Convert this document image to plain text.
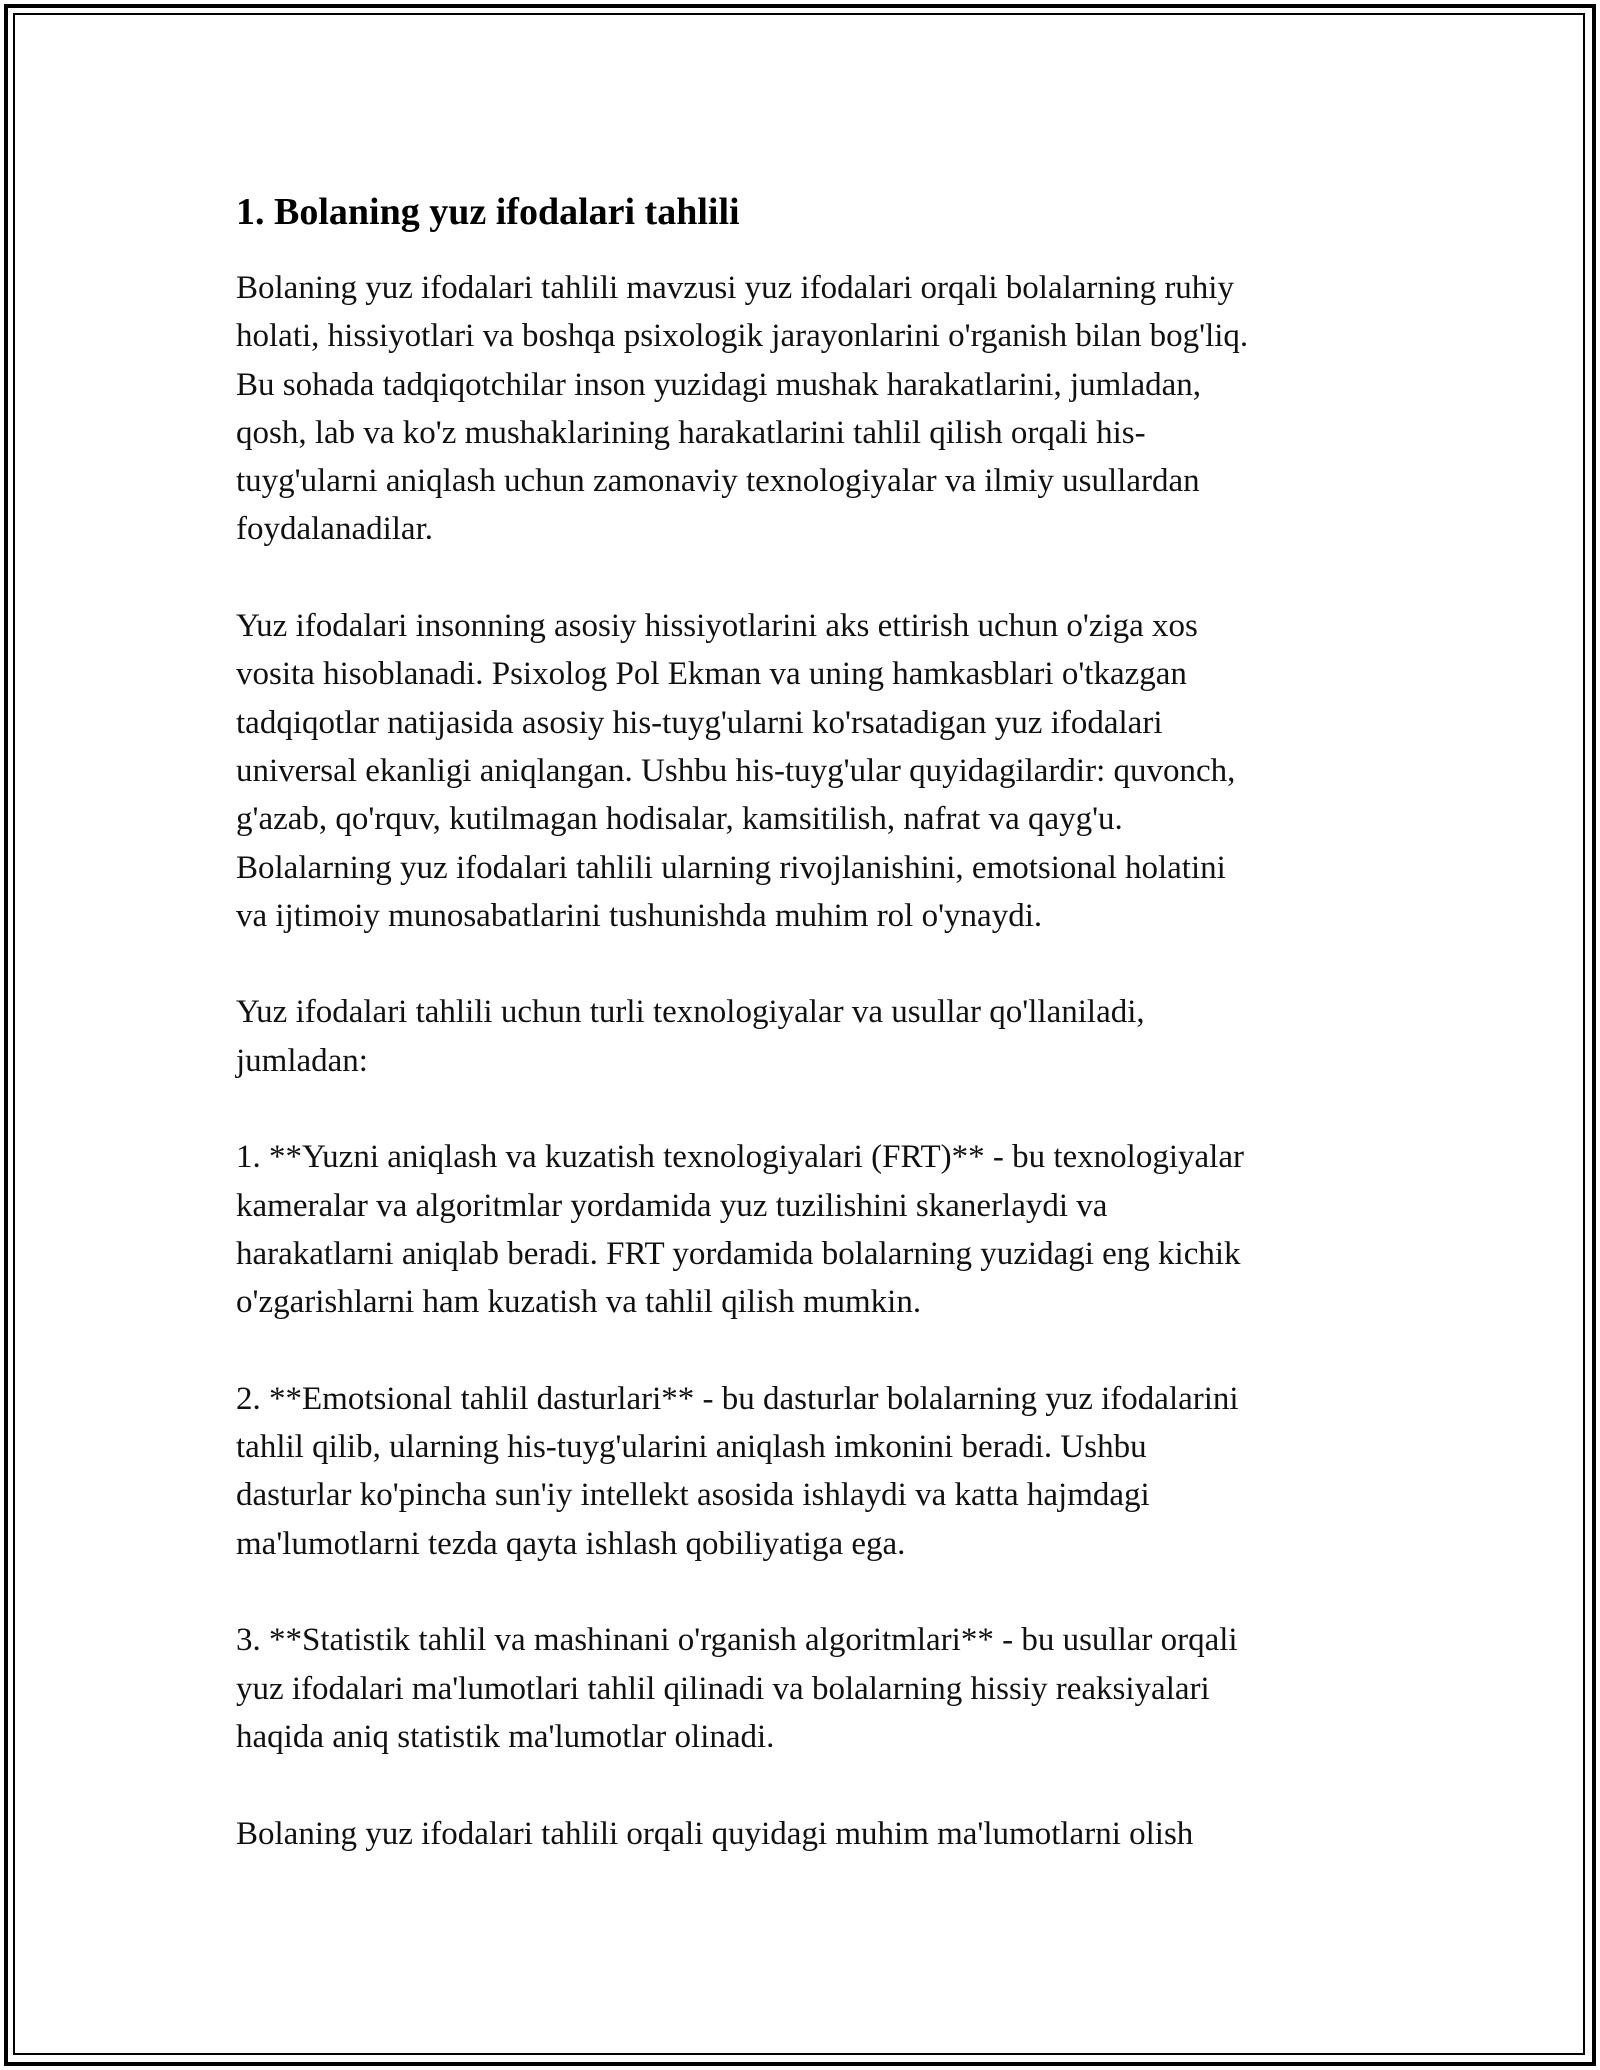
1. Bolaning yuz ifodalari tahlili

Bolaning yuz ifodalari tahlili mavzusi yuz ifodalari orqali bolalarning ruhiy
holati, hissiyotlari va boshqa psixologik jarayonlarini o'rganish bilan bog'liq.
Bu sohada tadqiqotchilar inson yuzidagi mushak harakatlarini, jumladan,
qosh, lab va ko'z mushaklarining harakatlarini tahlil qilish orqali his-
tuyg'ularni aniqlash uchun zamonaviy texnologiyalar va ilmiy usullardan
foydalanadilar.

Yuz ifodalari insonning asosiy hissiyotlarini aks ettirish uchun o'ziga xos
vosita hisoblanadi. Psixolog Pol Ekman va uning hamkasblari o'tkazgan
tadqiqotlar natijasida asosiy his-tuyg'ularni ko'rsatadigan yuz ifodalari
universal ekanligi aniqlangan. Ushbu his-tuyg'ular quyidagilardir: quvonch,
g'azab, qo'rquv, kutilmagan hodisalar, kamsitilish, nafrat va qayg'u.
Bolalarning yuz ifodalari tahlili ularning rivojlanishini, emotsional holatini
va ijtimoiy munosabatlarini tushunishda muhim rol o'ynaydi.

Yuz ifodalari tahlili uchun turli texnologiyalar va usullar qo'llaniladi,
jumladan:

1. **Yuzni aniqlash va kuzatish texnologiyalari (FRT)** - bu texnologiyalar
kameralar va algoritmlar yordamida yuz tuzilishini skanerlaydi va
harakatlarni aniqlab beradi. FRT yordamida bolalarning yuzidagi eng kichik
o'zgarishlarni ham kuzatish va tahlil qilish mumkin.

2. **Emotsional tahlil dasturlari** - bu dasturlar bolalarning yuz ifodalarini
tahlil qilib, ularning his-tuyg'ularini aniqlash imkonini beradi. Ushbu
dasturlar ko'pincha sun'iy intellekt asosida ishlaydi va katta hajmdagi
ma'lumotlarni tezda qayta ishlash qobiliyatiga ega.

3. **Statistik tahlil va mashinani o'rganish algoritmlari** - bu usullar orqali
yuz ifodalari ma'lumotlari tahlil qilinadi va bolalarning hissiy reaksiyalari
haqida aniq statistik ma'lumotlar olinadi.

Bolaning yuz ifodalari tahlili orqali quyidagi muhim ma'lumotlarni olish
